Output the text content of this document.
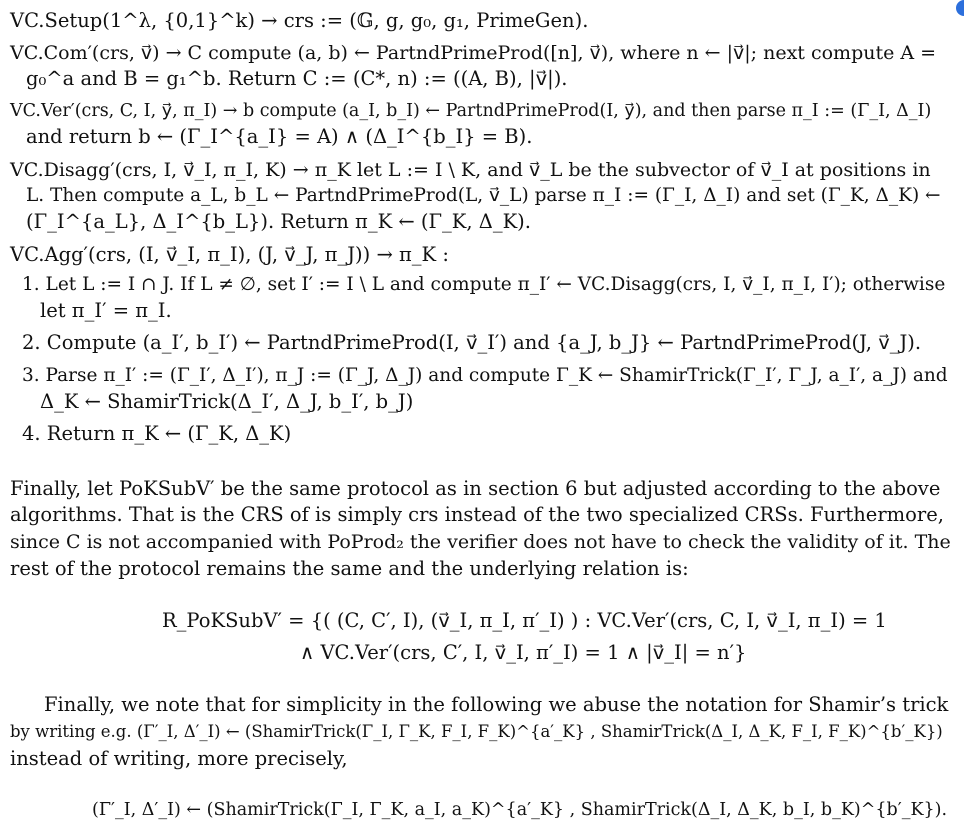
VC.Setup(1^λ, {0,1}^k) → crs := (𝔾, g, g₀, g₁, PrimeGen).
VC.Com′(crs, v⃗) → C compute (a, b) ← PartndPrimeProd([n], v⃗), where n ← |v⃗|; next compute A =
g₀^a and B = g₁^b. Return C := (C*, n) := ((A, B), |v⃗|).
VC.Ver′(crs, C, I, y⃗, π_I) → b compute (a_I, b_I) ← PartndPrimeProd(I, y⃗), and then parse π_I := (Γ_I, Δ_I)
and return b ← (Γ_I^{a_I} = A) ∧ (Δ_I^{b_I} = B).
VC.Disagg′(crs, I, v⃗_I, π_I, K) → π_K let L := I \ K, and v⃗_L be the subvector of v⃗_I at positions in
L. Then compute a_L, b_L ← PartndPrimeProd(L, v⃗_L) parse π_I := (Γ_I, Δ_I) and set (Γ_K, Δ_K) ←
(Γ_I^{a_L}, Δ_I^{b_L}). Return π_K ← (Γ_K, Δ_K).
VC.Agg′(crs, (I, v⃗_I, π_I), (J, v⃗_J, π_J)) → π_K :
1. Let L := I ∩ J. If L ≠ ∅, set I′ := I \ L and compute π_I′ ← VC.Disagg(crs, I, v⃗_I, π_I, I′); otherwise
let π_I′ = π_I.
2. Compute (a_I′, b_I′) ← PartndPrimeProd(I, v⃗_I′) and {a_J, b_J} ← PartndPrimeProd(J, v⃗_J).
3. Parse π_I′ := (Γ_I′, Δ_I′), π_J := (Γ_J, Δ_J) and compute Γ_K ← ShamirTrick(Γ_I′, Γ_J, a_I′, a_J) and
Δ_K ← ShamirTrick(Δ_I′, Δ_J, b_I′, b_J)
4. Return π_K ← (Γ_K, Δ_K)
Finally, let PoKSubV′ be the same protocol as in section 6 but adjusted according to the above
algorithms. That is the CRS of is simply crs instead of the two specialized CRSs. Furthermore,
since C is not accompanied with PoProd₂ the verifier does not have to check the validity of it. The
rest of the protocol remains the same and the underlying relation is:
R_PoKSubV′ = {( (C, C′, I), (v⃗_I, π_I, π′_I) ) : VC.Ver′(crs, C, I, v⃗_I, π_I) = 1
∧ VC.Ver′(crs, C′, I, v⃗_I, π′_I) = 1 ∧ |v⃗_I| = n′}
Finally, we note that for simplicity in the following we abuse the notation for Shamir’s trick
by writing e.g. (Γ′_I, Δ′_I) ← (ShamirTrick(Γ_I, Γ_K, F_I, F_K)^{a′_K} , ShamirTrick(Δ_I, Δ_K, F_I, F_K)^{b′_K})
instead of writing, more precisely,
(Γ′_I, Δ′_I) ← (ShamirTrick(Γ_I, Γ_K, a_I, a_K)^{a′_K} , ShamirTrick(Δ_I, Δ_K, b_I, b_K)^{b′_K}).
